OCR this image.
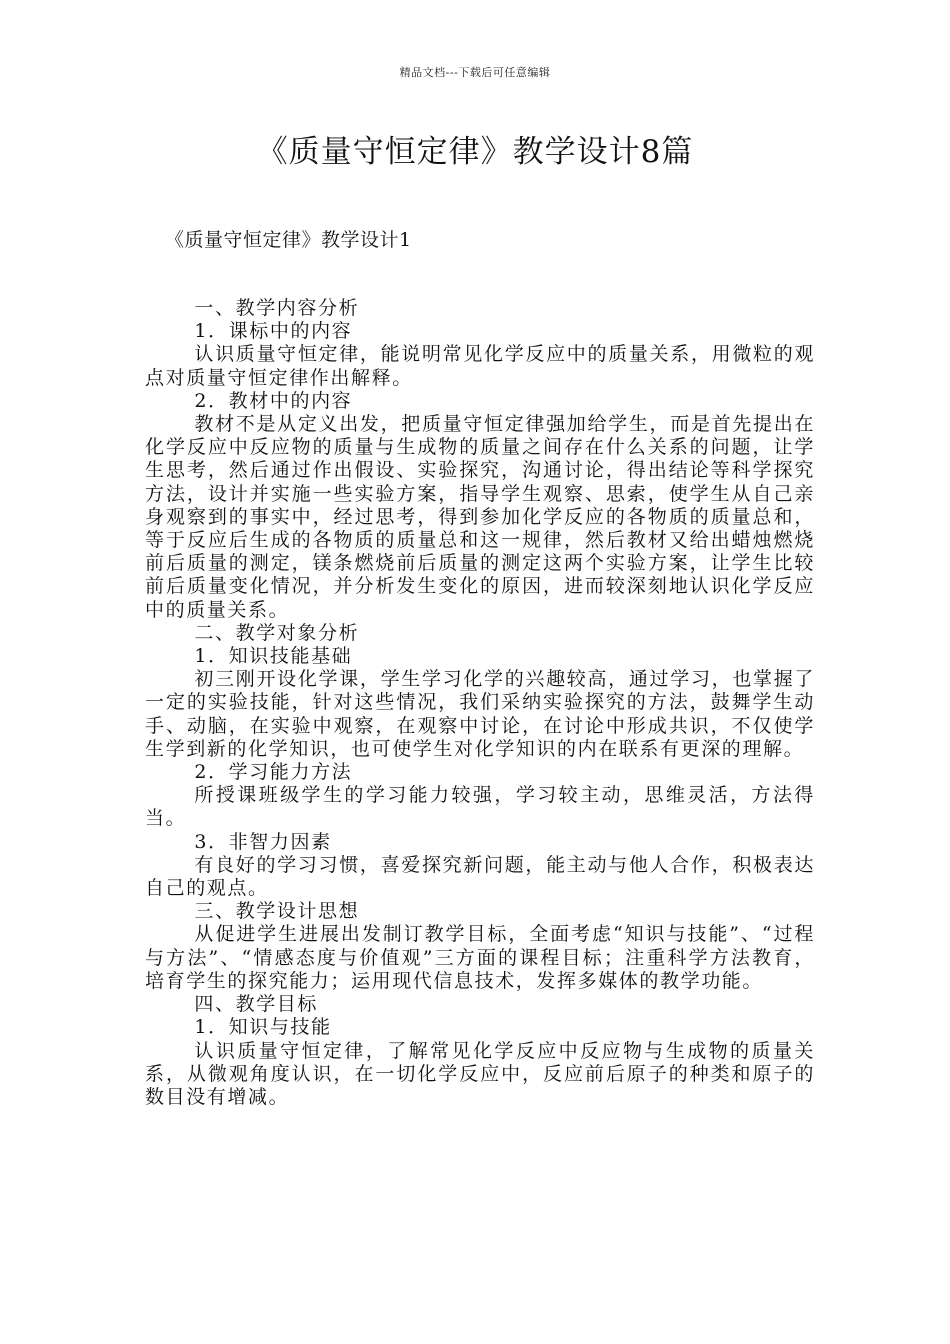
精品文档---下载后可任意编辑
《质量守恒定律》教学设计8篇
《质量守恒定律》教学设计1

一、教学内容分析

1．课标中的内容

认识质量守恒定律，能说明常见化学反应中的质量关系，用微粒的观点对质量守恒定律作出解释。

2．教材中的内容

教材不是从定义出发，把质量守恒定律强加给学生，而是首先提出在化学反应中反应物的质量与生成物的质量之间存在什么关系的问题，让学生思考，然后通过作出假设、实验探究，沟通讨论，得出结论等科学探究方法，设计并实施一些实验方案，指导学生观察、思索，使学生从自己亲身观察到的事实中，经过思考，得到参加化学反应的各物质的质量总和，等于反应后生成的各物质的质量总和这一规律，然后教材又给出蜡烛燃烧前后质量的测定，镁条燃烧前后质量的测定这两个实验方案，让学生比较前后质量变化情况，并分析发生变化的原因，进而较深刻地认识化学反应中的质量关系。

二、教学对象分析

1．知识技能基础

初三刚开设化学课，学生学习化学的兴趣较高，通过学习，也掌握了一定的实验技能，针对这些情况，我们采纳实验探究的方法，鼓舞学生动手、动脑，在实验中观察，在观察中讨论，在讨论中形成共识，不仅使学生学到新的化学知识，也可使学生对化学知识的内在联系有更深的理解。

2．学习能力方法

所授课班级学生的学习能力较强，学习较主动，思维灵活，方法得当。

3．非智力因素

有良好的学习习惯，喜爱探究新问题，能主动与他人合作，积极表达自己的观点。

三、教学设计思想

从促进学生进展出发制订教学目标，全面考虑“知识与技能”、“过程与方法”、“情感态度与价值观”三方面的课程目标；注重科学方法教育，培育学生的探究能力；运用现代信息技术，发挥多媒体的教学功能。

四、教学目标

1．知识与技能

认识质量守恒定律，了解常见化学反应中反应物与生成物的质量关系，从微观角度认识，在一切化学反应中，反应前后原子的种类和原子的数目没有增减。
